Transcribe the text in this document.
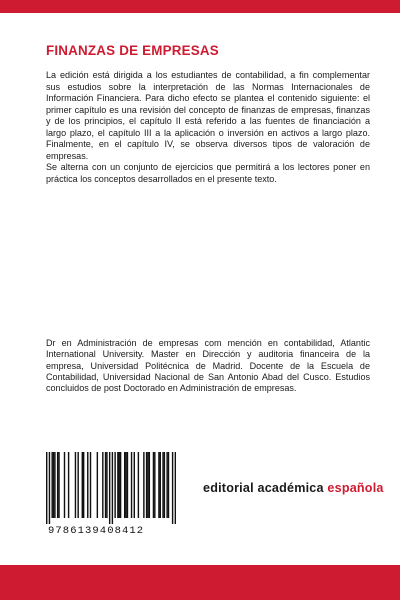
FINANZAS DE EMPRESAS

La edición está dirigida a los estudiantes de contabilidad, a fin complementar sus estudios sobre la interpretación de las Normas Internacionales de Información Financiera. Para dicho efecto se plantea el contenido siguiente: el primer capítulo es una revisión del concepto de finanzas de empresas, finanzas y de los principios, el capítulo II está referido a las fuentes de financiación a largo plazo, el capítulo III a la aplicación o inversión en activos a largo plazo. Finalmente, en el capítulo IV, se observa diversos tipos de valoración de empresas.

Se alterna con un conjunto de ejercicios que permitirá a los lectores poner en práctica los conceptos desarrollados en el presente texto.

Dr en Administración de empresas com mención en contabilidad, Atlantic International University. Master en Dirección y auditoria financeira de la empresa, Universidad Politécnica de Madrid. Docente de la Escuela de Contabilidad, Universidad Nacional de San Antonio Abad del Cusco. Estudios concluidos de post Doctorado en Administración de empresas.

9786139408412
editorial académica española
